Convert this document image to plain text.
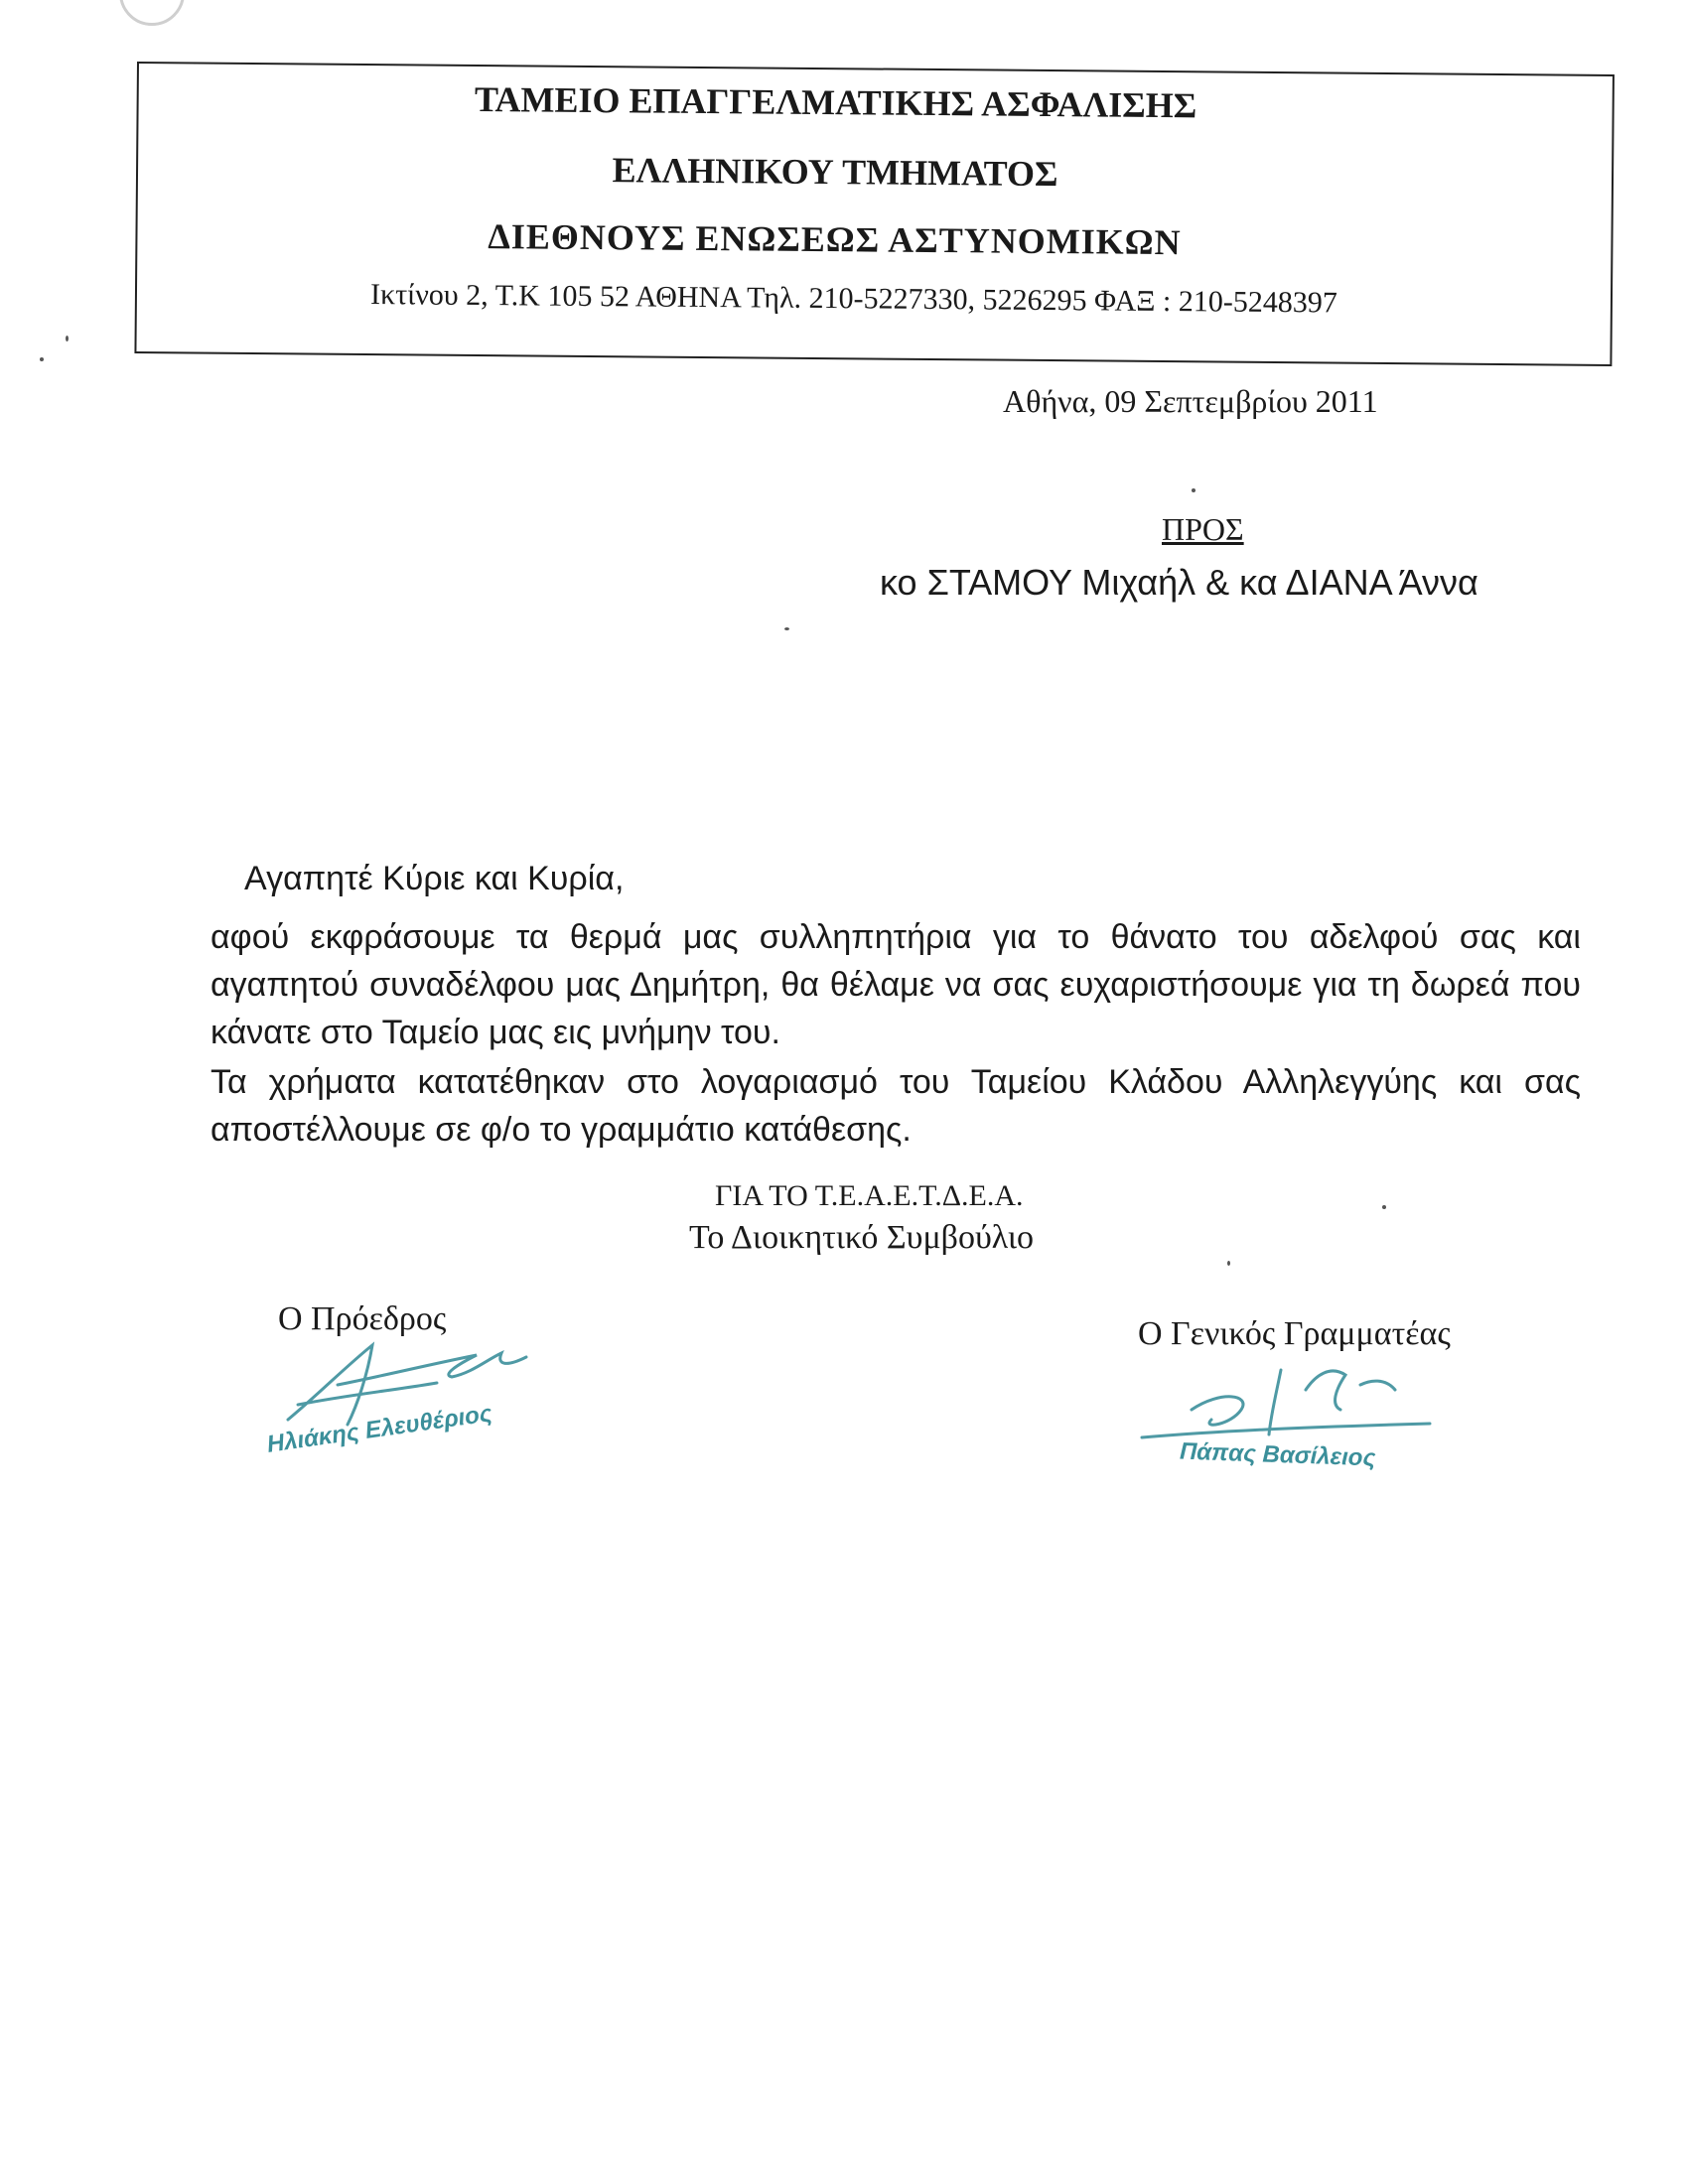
ΤΑΜΕΙΟ ΕΠΑΓΓΕΛΜΑΤΙΚΗΣ ΑΣΦΑΛΙΣΗΣ
ΕΛΛΗΝΙΚΟΥ ΤΜΗΜΑΤΟΣ
ΔΙΕΘΝΟΥΣ ΕΝΩΣΕΩΣ ΑΣΤΥΝΟΜΙΚΩΝ
Ικτίνου 2, Τ.Κ 105 52 ΑΘΗΝΑ Τηλ. 210-5227330, 5226295 ΦΑΞ : 210-5248397
Αθήνα, 09 Σεπτεμβρίου 2011
ΠΡΟΣ
κο ΣΤΑΜΟΥ Μιχαήλ & κα ΔΙΑΝΑ Άννα
Αγαπητέ Κύριε και Κυρία,
αφού εκφράσουμε τα θερμά μας συλληπητήρια για το θάνατο του αδελφού σας και αγαπητού συναδέλφου μας Δημήτρη, θα θέλαμε να σας ευχαριστήσουμε για τη δωρεά που κάνατε στο Ταμείο μας εις μνήμην του.
Τα χρήματα κατατέθηκαν στο λογαριασμό του Ταμείου Κλάδου Αλληλεγγύης και σας αποστέλλουμε σε φ/ο το γραμμάτιο κατάθεσης.
ΓΙΑ ΤΟ Τ.Ε.Α.Ε.Τ.Δ.Ε.Α.
Το Διοικητικό Συμβούλιο
Ο Πρόεδρος	Ο Γενικός Γραμματέας
Ηλιάκης Ελευθέριος	Πάπας Βασίλειος
